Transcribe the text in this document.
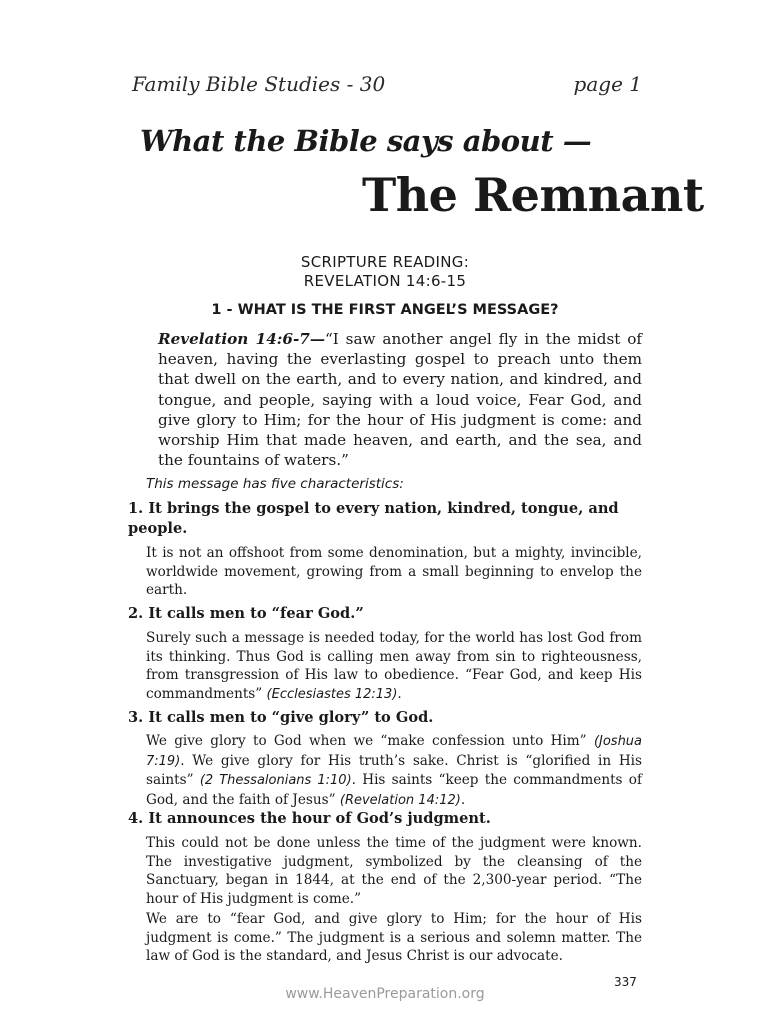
Family Bible Studies - 30	page 1
What the Bible says about —
The Remnant
SCRIPTURE READING:
REVELATION 14:6-15
1 - WHAT IS THE FIRST ANGEL’S MESSAGE?
Revelation 14:6-7—“I saw another angel fly in the midst of heaven, having the everlasting gospel to preach unto them that dwell on the earth, and to every nation, and kindred, and tongue, and people, saying with a loud voice, Fear God, and give glory to Him; for the hour of His judgment is come: and worship Him that made heaven, and earth, and the sea, and the fountains of waters.”
This message has five characteristics:
1. It brings the gospel to every nation, kindred, tongue, and people.
It is not an offshoot from some denomination, but a mighty, invincible, worldwide movement, growing from a small beginning to envelop the earth.
2. It calls men to “fear God.”
Surely such a message is needed today, for the world has lost God from its thinking. Thus God is calling men away from sin to righteousness, from transgression of His law to obedience. “Fear God, and keep His commandments” (Ecclesiastes 12:13).
3. It calls men to “give glory” to God.
We give glory to God when we “make confession unto Him” (Joshua 7:19). We give glory for His truth’s sake. Christ is “glorified in His saints” (2 Thessalonians 1:10). His saints “keep the commandments of God, and the faith of Jesus” (Revelation 14:12).
4. It announces the hour of God’s judgment.
This could not be done unless the time of the judgment were known. The investigative judgment, symbolized by the cleansing of the Sanctuary, began in 1844, at the end of the 2,300-year period. “The hour of His judgment is come.”
We are to “fear God, and give glory to Him; for the hour of His judgment is come.” The judgment is a serious and solemn matter. The law of God is the standard, and Jesus Christ is our advocate.
337
www.HeavenPreparation.org
